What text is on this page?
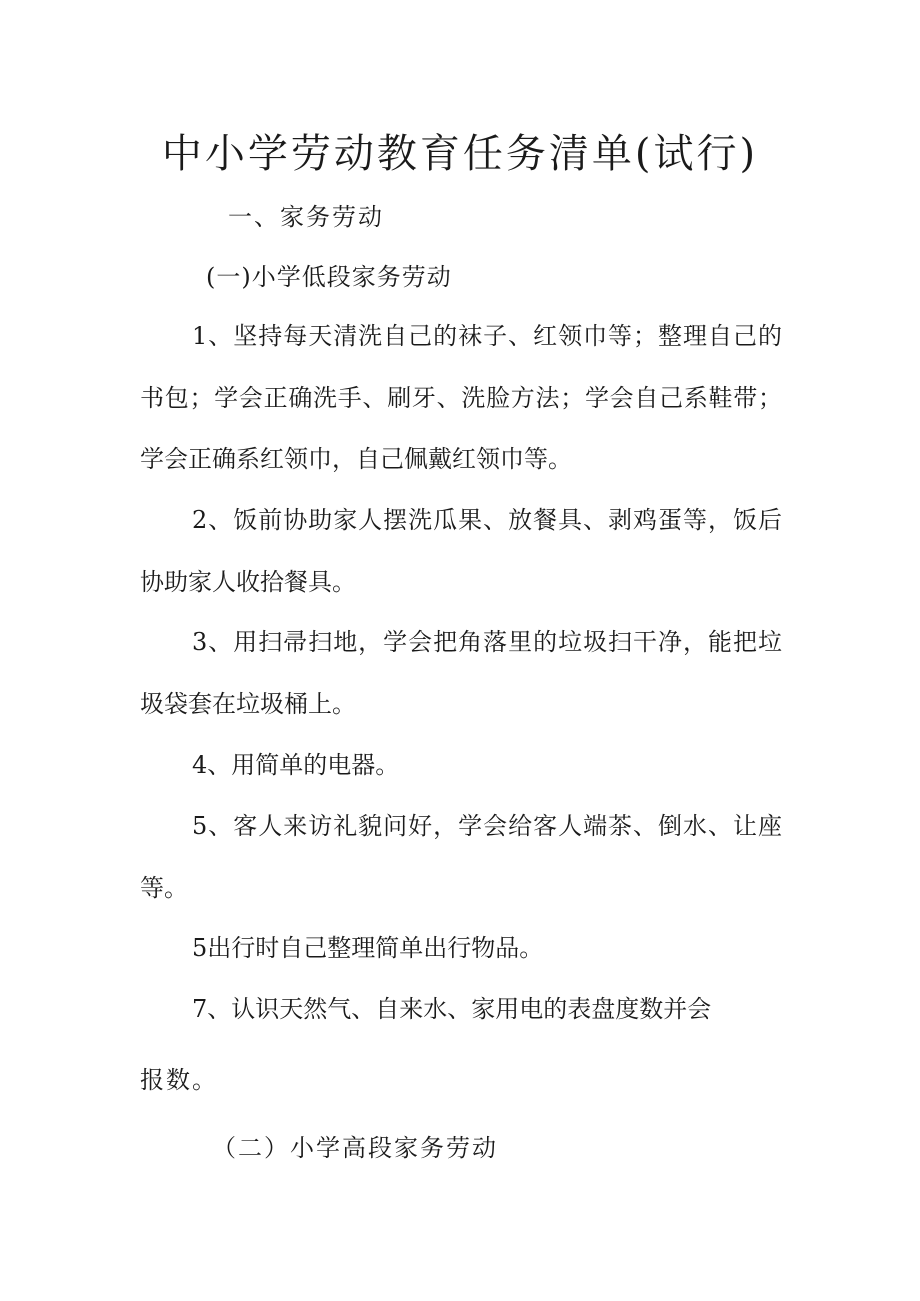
中小学劳动教育任务清单(试行)

一、家务劳动

(一)小学低段家务劳动

1、坚持每天清洗自己的袜子、红领巾等；整理自己的书包；学会正确洗手、刷牙、洗脸方法；学会自己系鞋带；学会正确系红领巾，自己佩戴红领巾等。

2、饭前协助家人摆洗瓜果、放餐具、剥鸡蛋等，饭后协助家人收拾餐具。

3、用扫帚扫地，学会把角落里的垃圾扫干净，能把垃圾袋套在垃圾桶上。

4、用简单的电器。

5、客人来访礼貌问好，学会给客人端茶、倒水、让座等。

5出行时自己整理简单出行物品。

7、认识天然气、自来水、家用电的表盘度数并会

报数。

（二）小学高段家务劳动
